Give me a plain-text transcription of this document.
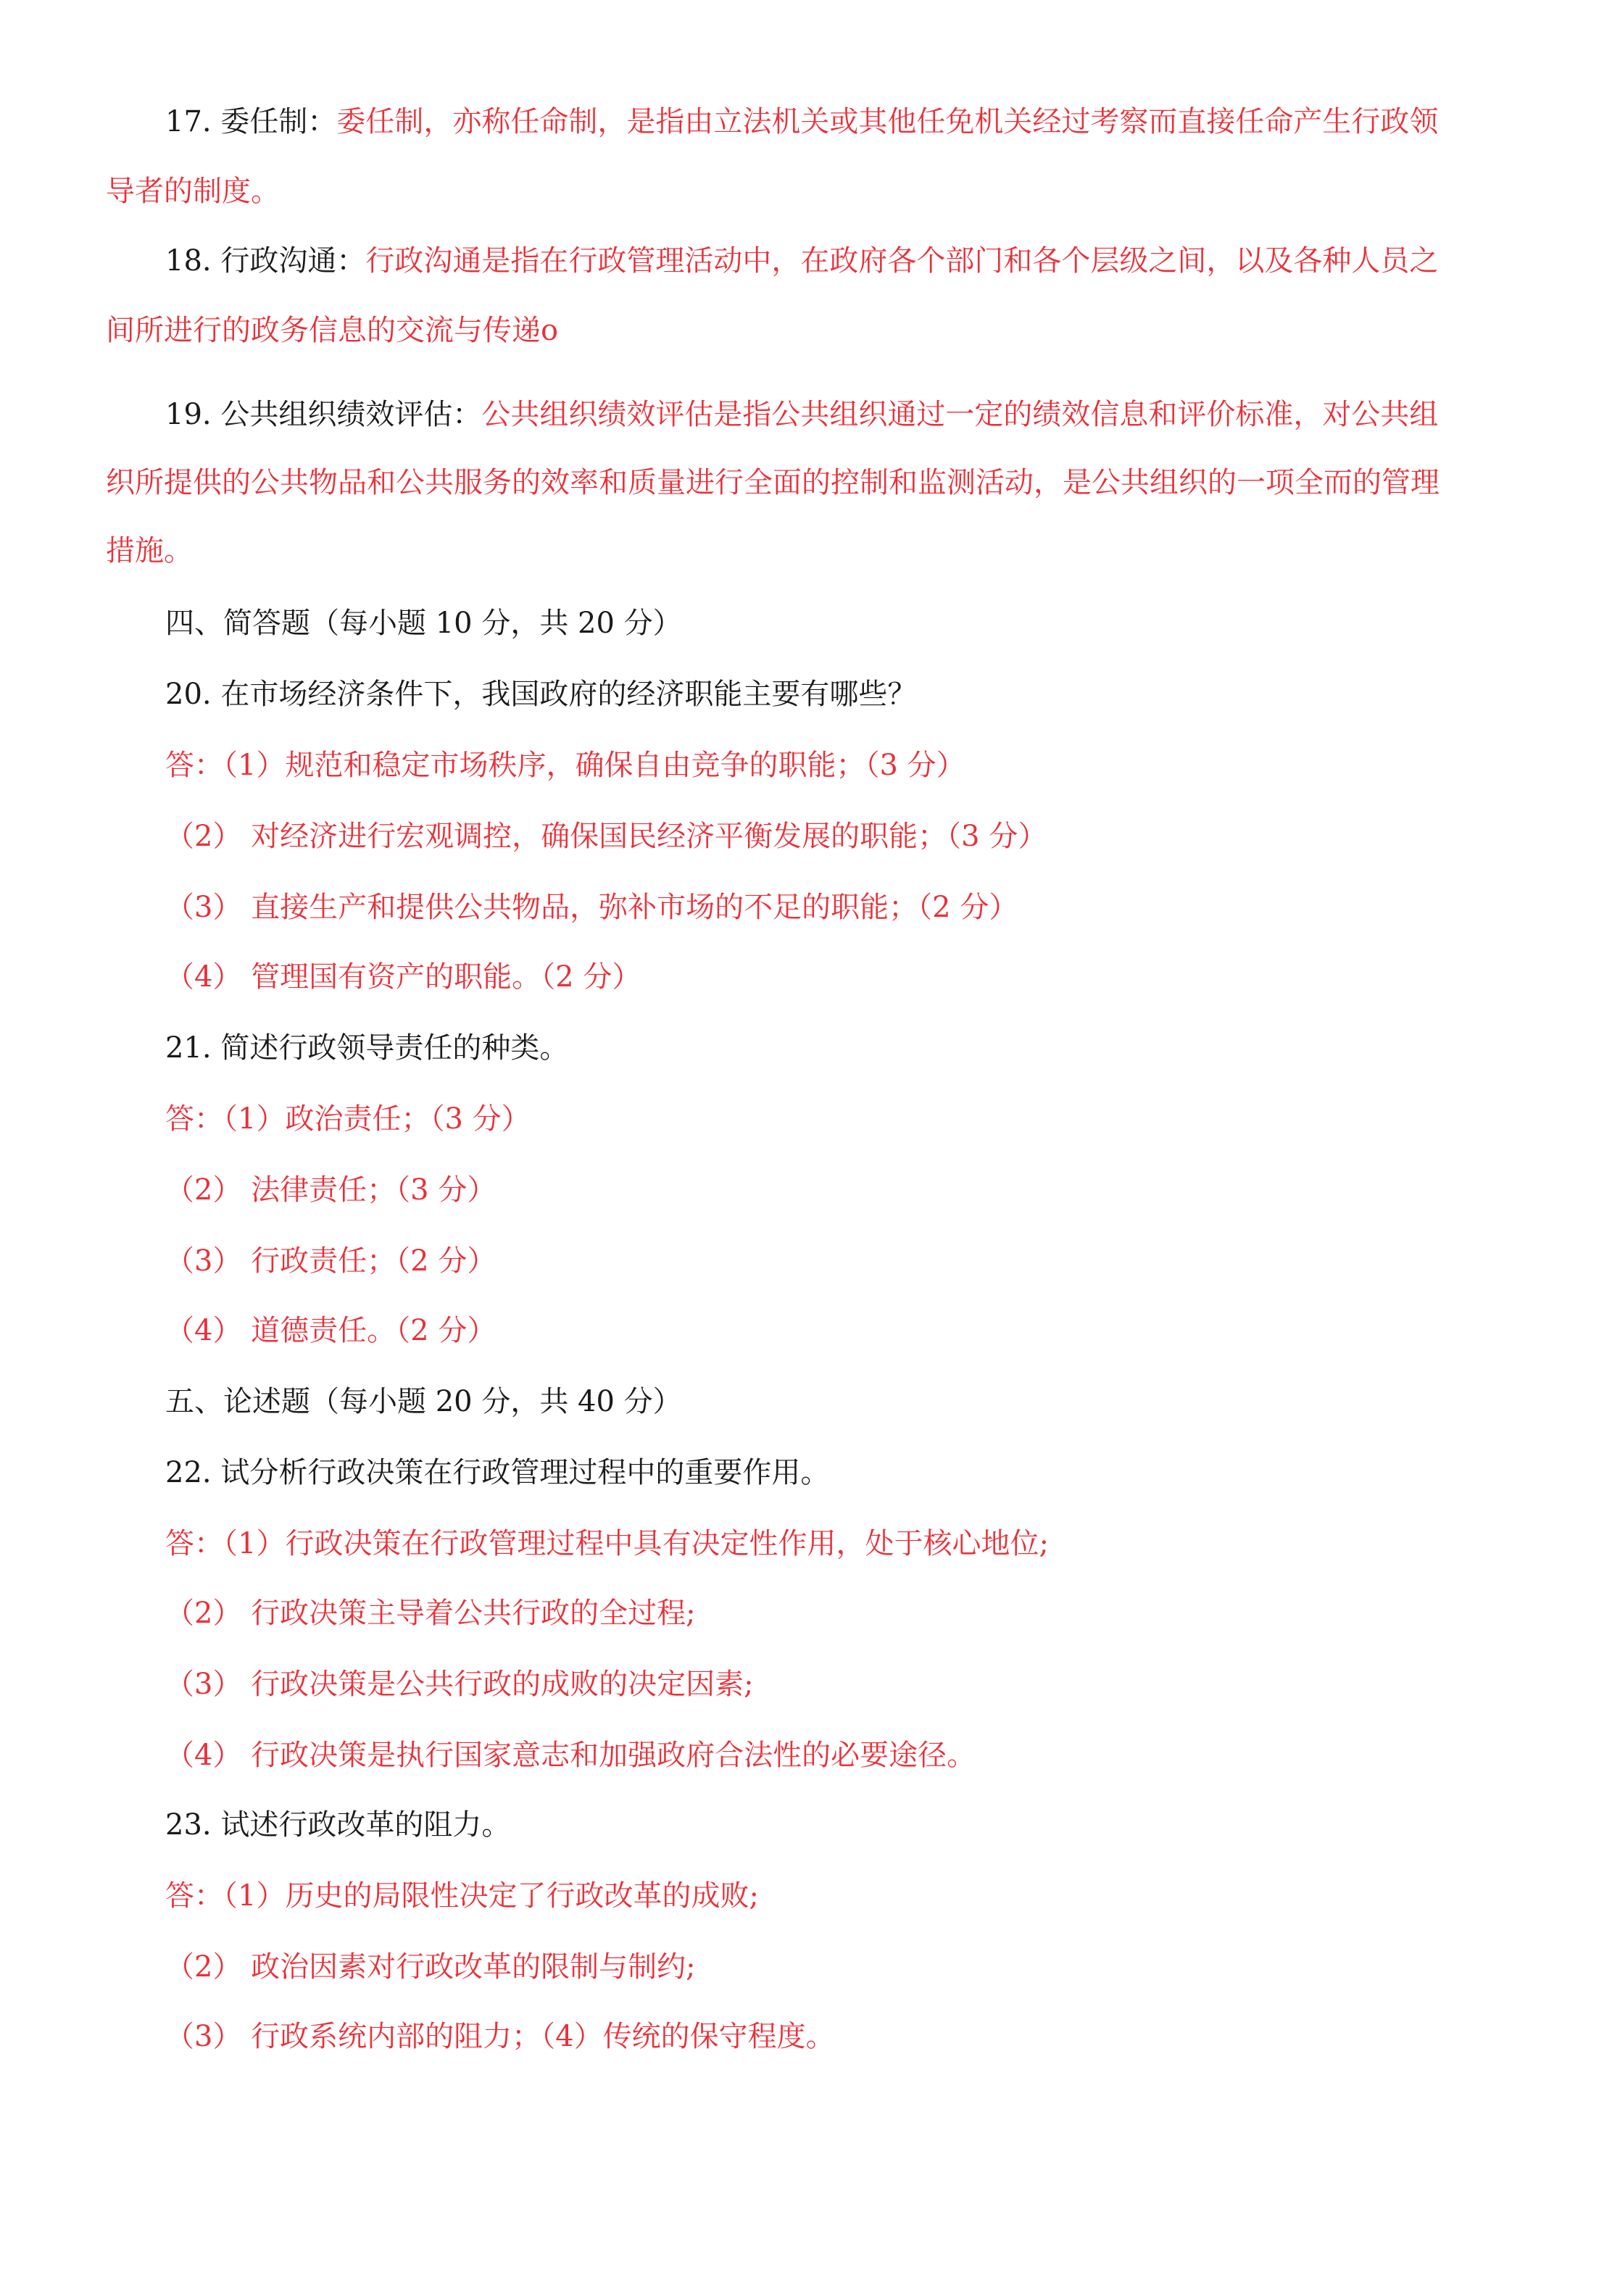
17. 委任制：委任制，亦称任命制，是指由立法机关或其他任免机关经过考察而直接任命产生行政领
导者的制度。
18. 行政沟通：行政沟通是指在行政管理活动中，在政府各个部门和各个层级之间，以及各种人员之
间所进行的政务信息的交流与传递o
19. 公共组织绩效评估：公共组织绩效评估是指公共组织通过一定的绩效信息和评价标准，对公共组
织所提供的公共物品和公共服务的效率和质量进行全面的控制和监测活动，是公共组织的一项全而的管理
措施。
四、简答题（每小题 10 分，共 20 分）
20. 在市场经济条件下，我国政府的经济职能主要有哪些？
答：（1）规范和稳定市场秩序，确保自由竞争的职能；（3 分）
（2） 对经济进行宏观调控，确保国民经济平衡发展的职能；（3 分）
（3） 直接生产和提供公共物品，弥补市场的不足的职能；（2 分）
（4） 管理国有资产的职能。（2 分）
21. 简述行政领导责任的种类。
答：（1）政治责任；（3 分）
（2） 法律责任；（3 分）
（3） 行政责任；（2 分）
（4） 道德责任。（2 分）
五、论述题（每小题 20 分，共 40 分）
22. 试分析行政决策在行政管理过程中的重要作用。
答：（1）行政决策在行政管理过程中具有决定性作用，处于核心地位;
（2） 行政决策主导着公共行政的全过程;
（3） 行政决策是公共行政的成败的决定因素;
（4） 行政决策是执行国家意志和加强政府合法性的必要途径。
23. 试述行政改革的阻力。
答：（1）历史的局限性决定了行政改革的成败;
（2） 政治因素对行政改革的限制与制约;
（3） 行政系统内部的阻力；（4）传统的保守程度。
